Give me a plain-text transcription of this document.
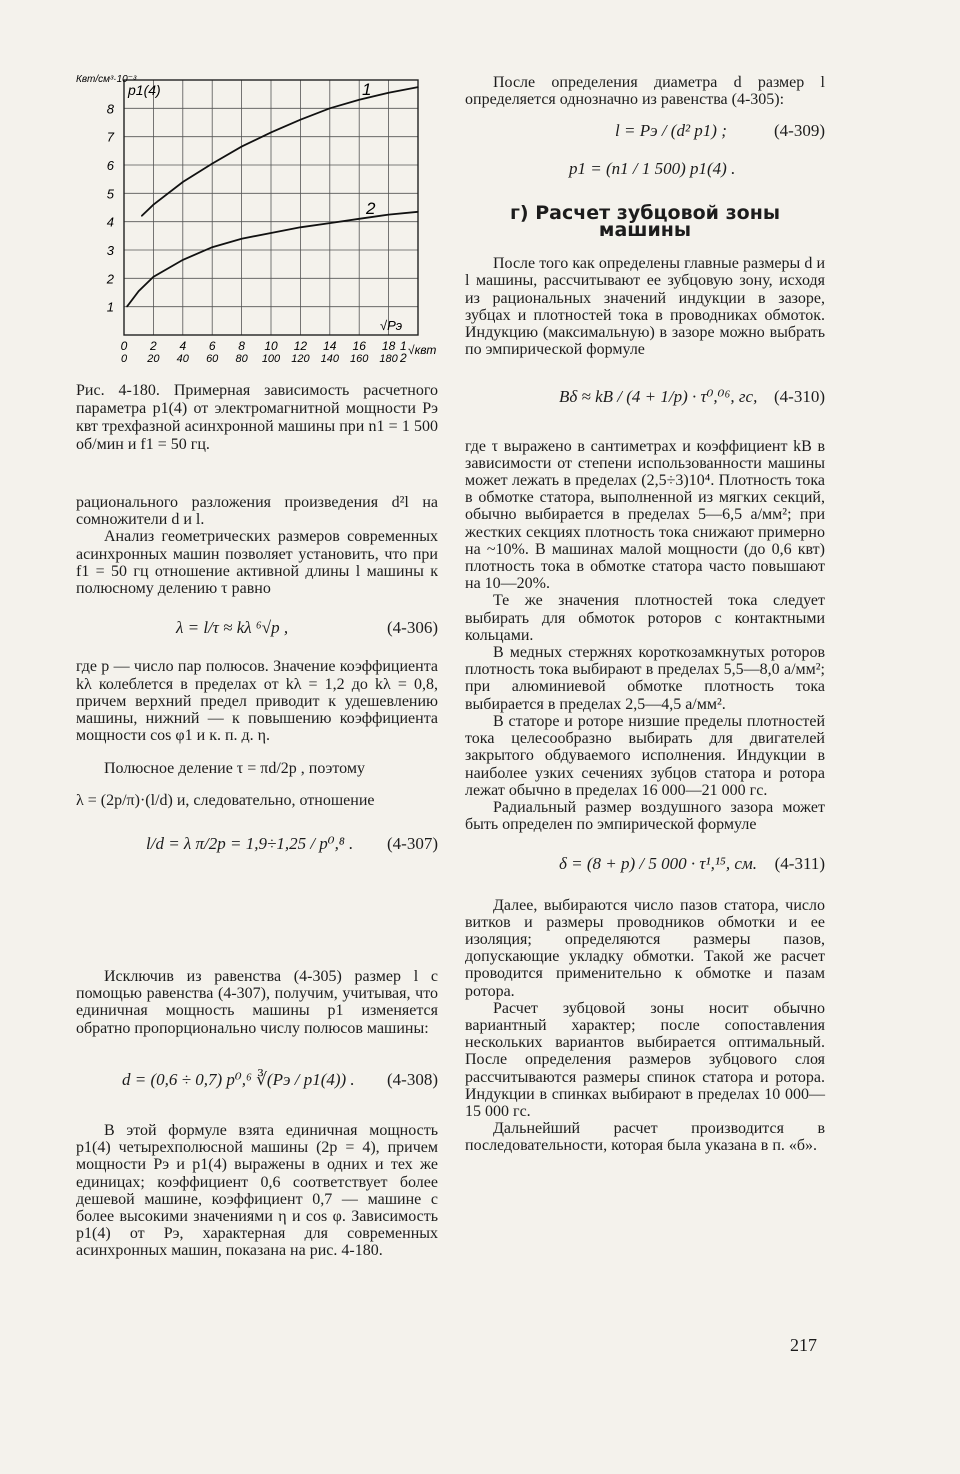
1
2
3
4
5
6
7
8
0 2 4 6 8 10 12 14 16 18
0 20 40 60 80 100 120 140 160 180
Квт/см³·10⁻³
p1(4)
√Pэ
1
2
√квт
1
2
Рис. 4-180. Примерная зависимость расчетного параметра p1(4) от электромагнитной мощности Pэ квт трехфазной асинхронной машины при n1 = 1 500 об/мин и f1 = 50 гц.

рационального разложения произведения d²l на сомножители d и l.

Анализ геометрических размеров современных асинхронных машин позволяет установить, что при f1 = 50 гц отношение активной длины l машины к полюсному делению τ равно

λ = l/τ ≈ kλ ⁶√p ,	(4-306)

где p — число пар полюсов. Значение коэффициента kλ колеблется в пределах от kλ = 1,2 до kλ = 0,8, причем верхний предел приводит к удешевлению машины, нижний — к повышению коэффициента мощности cos φ1 и к. п. д. η.

Полюсное деление τ = πd/2p , поэтому

λ = (2p/π)·(l/d) и, следовательно, отношение

l/d = λ π/2p = 1,9÷1,25 / p⁰,⁸ . (4-307)

Исключив из равенства (4-305) размер l с помощью равенства (4-307), получим, учитывая, что единичная мощность машины p1 изменяется обратно пропорционально числу полюсов машины:

d = (0,6 ÷ 0,7) p⁰,⁶ ∛(Pэ / p1(4)) . (4-308)

В этой формуле взята единичная мощность p1(4) четырехполюсной машины (2p = 4), причем мощности Pэ и p1(4) выражены в одних и тех же единицах; коэффициент 0,6 соответствует более дешевой машине, коэффициент 0,7 — машине с более высокими значениями η и cos φ. Зависимость p1(4) от Pэ, характерная для современных асинхронных машин, показана на рис. 4-180.

После определения диаметра d размер l определяется однозначно из равенства (4-305):

l = Pэ / (d² p1) ;	(4-309)
p1 = (n1 / 1 500) p1(4) .
г) Расчет зубцовой зоны машины

После того как определены главные размеры d и l машины, рассчитывают ее зубцовую зону, исходя из рациональных значений индукции в зазоре, зубцах и плотностей тока в проводниках обмоток. Индукцию (максимальную) в зазоре можно выбрать по эмпирической формуле

Bδ ≈ kB / (4 + 1/p) · τ⁰,⁰⁶, гс, (4-310)

где τ выражено в сантиметрах и коэффициент kB в зависимости от степени использованности машины может лежать в пределах (2,5÷3)10⁴. Плотность тока в обмотке статора, выполненной из мягких секций, обычно выбирается в пределах 5—6,5 а/мм²; при жестких секциях плотность тока снижают примерно на ~10%. В машинах малой мощности (до 0,6 квт) плотность тока в обмотке статора часто повышают на 10—20%.

Те же значения плотностей тока следует выбирать для обмоток роторов с контактными кольцами.

В медных стержнях короткозамкнутых роторов плотность тока выбирают в пределах 5,5—8,0 а/мм²; при алюминиевой обмотке плотность тока выбирается в пределах 2,5—4,5 а/мм².

В статоре и роторе низшие пределы плотностей тока целесообразно выбирать для двигателей закрытого обдуваемого исполнения. Индукции в наиболее узких сечениях зубцов статора и ротора лежат обычно в пределах 16 000—21 000 гс.

Радиальный размер воздушного зазора может быть определен по эмпирической формуле

δ = (8 + p) / 5 000 · τ¹,¹⁵, см. (4-311)

Далее, выбираются число пазов статора, число витков и размеры проводников обмотки и ее изоляция; определяются размеры пазов, допускающие укладку обмотки. Такой же расчет проводится применительно к обмотке и пазам ротора.

Расчет зубцовой зоны носит обычно вариантный характер; после сопоставления нескольких вариантов выбирается оптимальный. После определения размеров зубцового слоя рассчитываются размеры спинок статора и ротора. Индукции в спинках выбирают в пределах 10 000—15 000 гс.

Дальнейший расчет производится в последовательности, которая была указана в п. «б».

217
